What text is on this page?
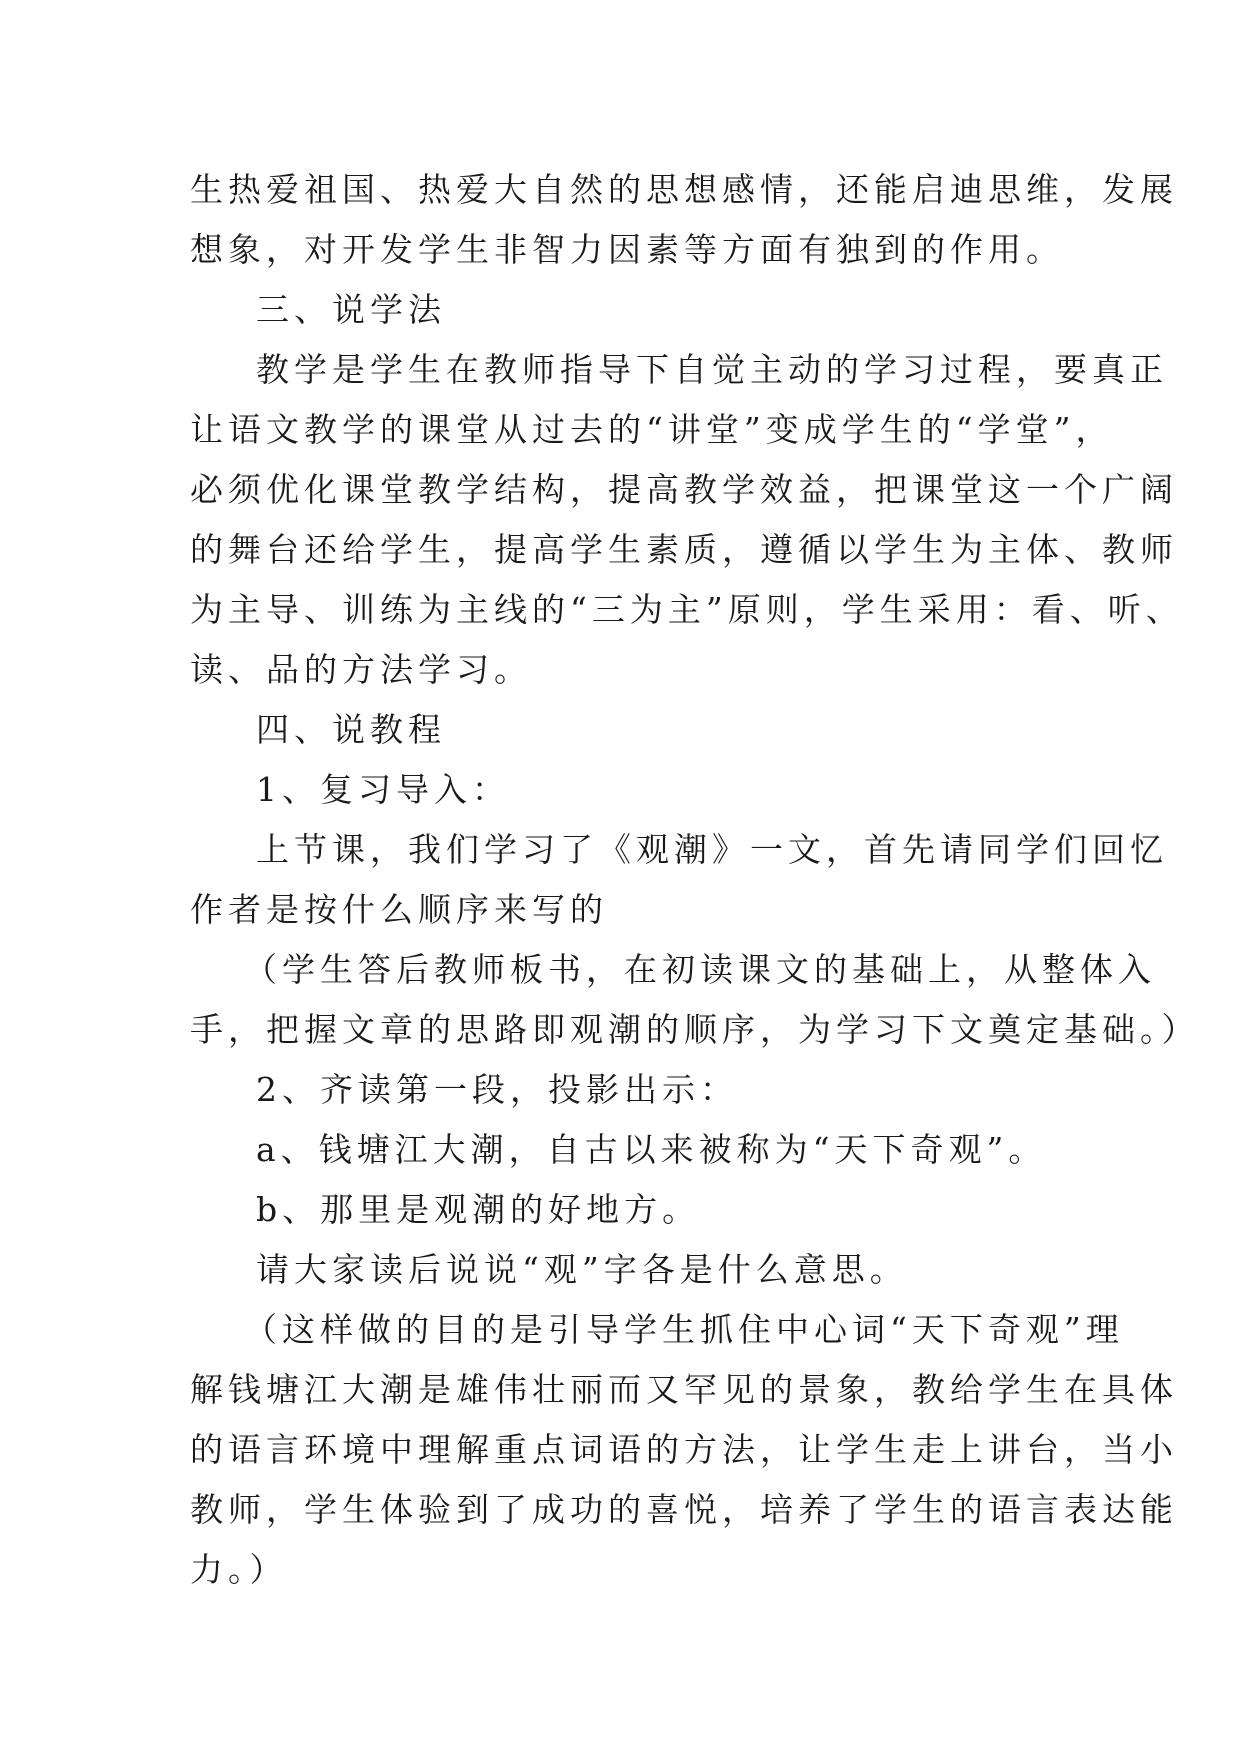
生热爱祖国、热爱大自然的思想感情，还能启迪思维，发展
想象，对开发学生非智力因素等方面有独到的作用。
三、说学法
教学是学生在教师指导下自觉主动的学习过程，要真正
让语文教学的课堂从过去的“讲堂”变成学生的“学堂”，
必须优化课堂教学结构，提高教学效益，把课堂这一个广阔
的舞台还给学生，提高学生素质，遵循以学生为主体、教师
为主导、训练为主线的“三为主”原则，学生采用：看、听、
读、品的方法学习。
四、说教程
1、复习导入：
上节课，我们学习了《观潮》一文，首先请同学们回忆
作者是按什么顺序来写的
（学生答后教师板书，在初读课文的基础上，从整体入
手，把握文章的思路即观潮的顺序，为学习下文奠定基础。）
2、齐读第一段，投影出示：
a、钱塘江大潮，自古以来被称为“天下奇观”。
b、那里是观潮的好地方。
请大家读后说说“观”字各是什么意思。
（这样做的目的是引导学生抓住中心词“天下奇观”理
解钱塘江大潮是雄伟壮丽而又罕见的景象，教给学生在具体
的语言环境中理解重点词语的方法，让学生走上讲台，当小
教师，学生体验到了成功的喜悦，培养了学生的语言表达能
力。）
